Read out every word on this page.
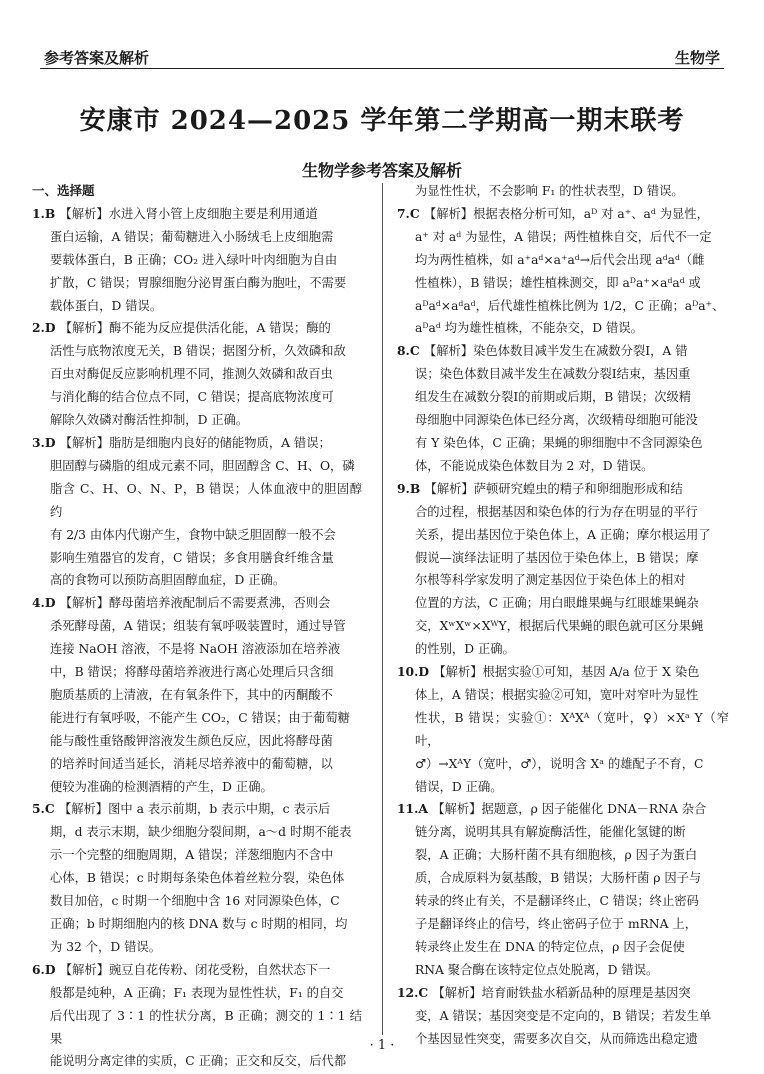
参考答案及解析	生物学
安康市 2024—2025 学年第二学期高一期末联考
生物学参考答案及解析
一、选择题
1.B 【解析】水进入肾小管上皮细胞主要是利用通道
蛋白运输，A 错误；葡萄糖进入小肠绒毛上皮细胞需
要载体蛋白，B 正确；CO₂ 进入绿叶叶肉细胞为自由
扩散，C 错误；胃腺细胞分泌胃蛋白酶为胞吐，不需要
载体蛋白，D 错误。
2.D 【解析】酶不能为反应提供活化能，A 错误；酶的
活性与底物浓度无关，B 错误；据图分析，久效磷和敌
百虫对酶促反应影响机理不同，推测久效磷和敌百虫
与消化酶的结合位点不同，C 错误；提高底物浓度可
解除久效磷对酶活性抑制，D 正确。
3.D 【解析】脂肪是细胞内良好的储能物质，A 错误；
胆固醇与磷脂的组成元素不同，胆固醇含 C、H、O，磷
脂含 C、H、O、N、P，B 错误；人体血液中的胆固醇约
有 2/3 由体内代谢产生，食物中缺乏胆固醇一般不会
影响生殖器官的发育，C 错误；多食用膳食纤维含量
高的食物可以预防高胆固醇血症，D 正确。
4.D 【解析】酵母菌培养液配制后不需要煮沸，否则会
杀死酵母菌，A 错误；组装有氧呼吸装置时，通过导管
连接 NaOH 溶液，不是将 NaOH 溶液添加在培养液
中，B 错误；将酵母菌培养液进行离心处理后只含细
胞质基质的上清液，在有氧条件下，其中的丙酮酸不
能进行有氧呼吸，不能产生 CO₂，C 错误；由于葡萄糖
能与酸性重铬酸钾溶液发生颜色反应，因此将酵母菌
的培养时间适当延长，消耗尽培养液中的葡萄糖，以
便较为准确的检测酒精的产生，D 正确。
5.C 【解析】图中 a 表示前期，b 表示中期，c 表示后
期，d 表示末期，缺少细胞分裂间期，a～d 时期不能表
示一个完整的细胞周期，A 错误；洋葱细胞内不含中
心体，B 错误；c 时期每条染色体着丝粒分裂，染色体
数目加倍，c 时期一个细胞中含 16 对同源染色体，C
正确；b 时期细胞内的核 DNA 数与 c 时期的相同，均
为 32 个，D 错误。
6.D 【解析】豌豆自花传粉、闭花受粉，自然状态下一
般都是纯种，A 正确；F₁ 表现为显性性状，F₁ 的自交
后代出现了 3∶1 的性状分离，B 正确；测交的 1∶1 结果
能说明分离定律的实质，C 正确；正交和反交，后代都
为显性性状，不会影响 F₁ 的性状表型，D 错误。
7.C 【解析】根据表格分析可知，aᴰ 对 a⁺、aᵈ 为显性，
a⁺ 对 aᵈ 为显性，A 错误；两性植株自交，后代不一定
均为两性植株，如 a⁺aᵈ×a⁺aᵈ→后代会出现 aᵈaᵈ（雌
性植株），B 错误；雄性植株测交，即 aᴰa⁺×aᵈaᵈ 或
aᴰaᵈ×aᵈaᵈ，后代雄性植株比例为 1/2，C 正确；aᴰa⁺、
aᴰaᵈ 均为雄性植株，不能杂交，D 错误。
8.C 【解析】染色体数目减半发生在减数分裂Ⅰ，A 错
误；染色体数目减半发生在减数分裂Ⅰ结束，基因重
组发生在减数分裂Ⅰ的前期或后期，B 错误；次级精
母细胞中同源染色体已经分离，次级精母细胞可能没
有 Y 染色体，C 正确；果蝇的卵细胞中不含同源染色
体，不能说成染色体数目为 2 对，D 错误。
9.B 【解析】萨顿研究蝗虫的精子和卵细胞形成和结
合的过程，根据基因和染色体的行为存在明显的平行
关系，提出基因位于染色体上，A 正确；摩尔根运用了
假说—演绎法证明了基因位于染色体上，B 错误；摩
尔根等科学家发明了测定基因位于染色体上的相对
位置的方法，C 正确；用白眼雌果蝇与红眼雄果蝇杂
交，XʷXʷ×XᵂY，根据后代果蝇的眼色就可区分果蝇
的性别，D 正确。
10.D 【解析】根据实验①可知，基因 A/a 位于 X 染色
体上，A 错误；根据实验②可知，宽叶对窄叶为显性
性状，B 错误；实验①：XᴬXᴬ（宽叶，♀）×Xᵃ Y（窄叶，
♂）→XᴬY（宽叶，♂），说明含 Xᵃ 的雄配子不育，C
错误，D 正确。
11.A 【解析】据题意，ρ 因子能催化 DNA－RNA 杂合
链分离，说明其具有解旋酶活性，能催化氢键的断
裂，A 正确；大肠杆菌不具有细胞核，ρ 因子为蛋白
质，合成原料为氨基酸，B 错误；大肠杆菌 ρ 因子与
转录的终止有关，不是翻译终止，C 错误；终止密码
子是翻译终止的信号，终止密码子位于 mRNA 上，
转录终止发生在 DNA 的特定位点，ρ 因子会促使
RNA 聚合酶在该特定位点处脱离，D 错误。
12.C 【解析】培育耐铁盐水稻新品种的原理是基因突
变，A 错误；基因突变是不定向的，B 错误；若发生单
个基因显性突变，需要多次自交，从而筛选出稳定遗
· 1 ·
